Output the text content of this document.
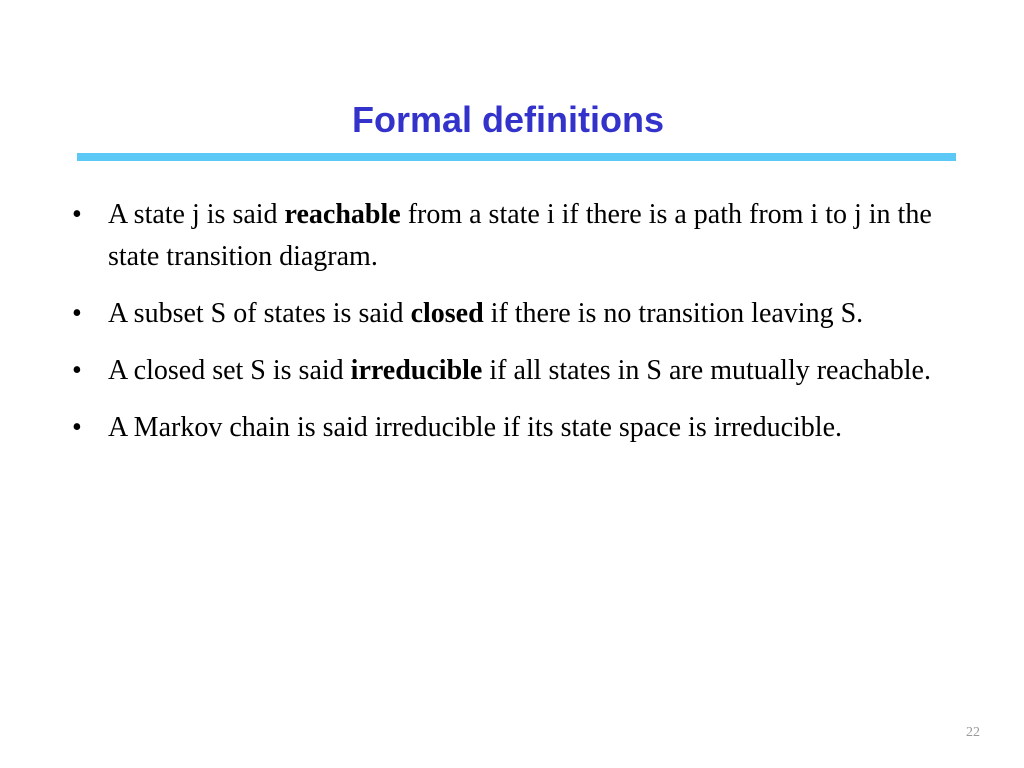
Formal definitions
• A state j is said reachable from a state i if there is a path from i to j in the state transition diagram.
• A subset S of states is said closed if there is no transition leaving S.
• A closed set S is said irreducible if all states in S are mutually reachable.
• A Markov chain is said irreducible if its state space is irreducible.
22
